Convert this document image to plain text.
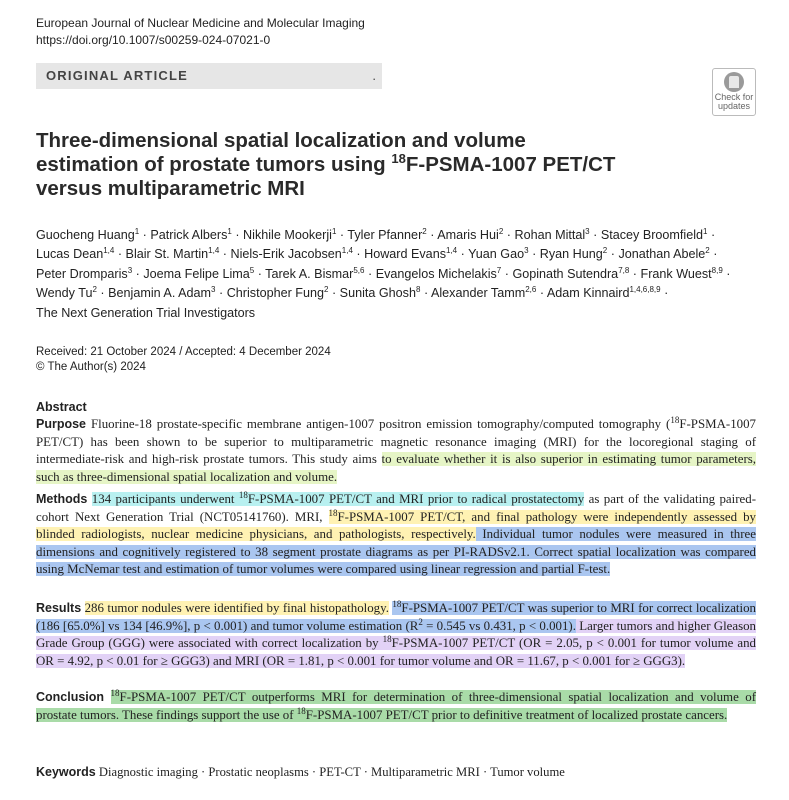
European Journal of Nuclear Medicine and Molecular Imaging
https://doi.org/10.1007/s00259-024-07021-0
ORIGINAL ARTICLE	.
Check for
updates
Three-dimensional spatial localization and volume
estimation of prostate tumors using $^{18}$F-PSMA-1007 PET/CT
versus multiparametric MRI
Guocheng Huang$^1$ · Patrick Albers$^1$ · Nikhile Mookerji$^1$ · Tyler Pfanner$^2$ · Amaris Hui$^2$ · Rohan Mittal$^3$ · Stacey Broomfield$^1$ · Lucas Dean$^{1,4}$ · Blair St. Martin$^{1,4}$ · Niels-Erik Jacobsen$^{1,4}$ · Howard Evans$^{1,4}$ · Yuan Gao$^3$ · Ryan Hung$^2$ · Jonathan Abele$^2$ · Peter Dromparis$^3$ · Joema Felipe Lima$^5$ · Tarek A. Bismar$^{5,6}$ · Evangelos Michelakis$^7$ · Gopinath Sutendra$^{7,8}$ · Frank Wuest$^{8,9}$ · Wendy $Tu^2$ · Benjamin A. Adam$^3$ · Christopher Fung$^2$ · Sunita Ghosh$^8$ · Alexander Tamm$^{2,6}$ · Adam Kinnaird$^{1,4,6,8,9}$ · The Next Generation Trial Investigators
Received: 21 October 2024 / Accepted: 4 December 2024
© The Author(s) 2024
Abstract
Purpose Fluorine-18 prostate-specific membrane antigen-1007 positron emission tomography/computed tomography ($^{18}$F-PSMA-1007 PET/CT) has been shown to be superior to multiparametric magnetic resonance imaging (MRI) for the locoregional staging of intermediate-risk and high-risk prostate tumors. This study aims to evaluate whether it is also superior in estimating tumor parameters, such as three-dimensional spatial localization and volume.
Methods 134 participants underwent $^{18}$F-PSMA-1007 PET/CT and MRI prior to radical prostatectomy as part of the validating paired-cohort Next Generation Trial (NCT05141760). MRI, $^{18}$F-PSMA-1007 PET/CT, and final pathology were independently assessed by blinded radiologists, nuclear medicine physicians, and pathologists, respectively. Individual tumor nodules were measured in three dimensions and cognitively registered to 38 segment prostate diagrams as per PI-RADSv2.1. Correct spatial localization was compared using McNemar test and estimation of tumor volumes were compared using linear regression and partial F-test.
Results 286 tumor nodules were identified by final histopathology. $^{18}$F-PSMA-1007 PET/CT was superior to MRI for correct localization (186 [65.0%] vs 134 [46.9%], p < 0.001) and tumor volume estimation ($R^2 = 0.545$ vs 0.431, p < 0.001). Larger tumors and higher Gleason Grade Group (GGG) were associated with correct localization by $^{18}$F-PSMA-1007 PET/CT (OR = 2.05, p < 0.001 for tumor volume and OR = 4.92, p < 0.01 for ≥ GGG3) and MRI (OR = 1.81, p < 0.001 for tumor volume and OR = 11.67, p < 0.001 for ≥ GGG3).
Conclusion $^{18}$F-PSMA-1007 PET/CT outperforms MRI for determination of three-dimensional spatial localization and volume of prostate tumors. These findings support the use of $^{18}$F-PSMA-1007 PET/CT prior to definitive treatment of localized prostate cancers.
Keywords Diagnostic imaging · Prostatic neoplasms · PET-CT · Multiparametric MRI · Tumor volume
